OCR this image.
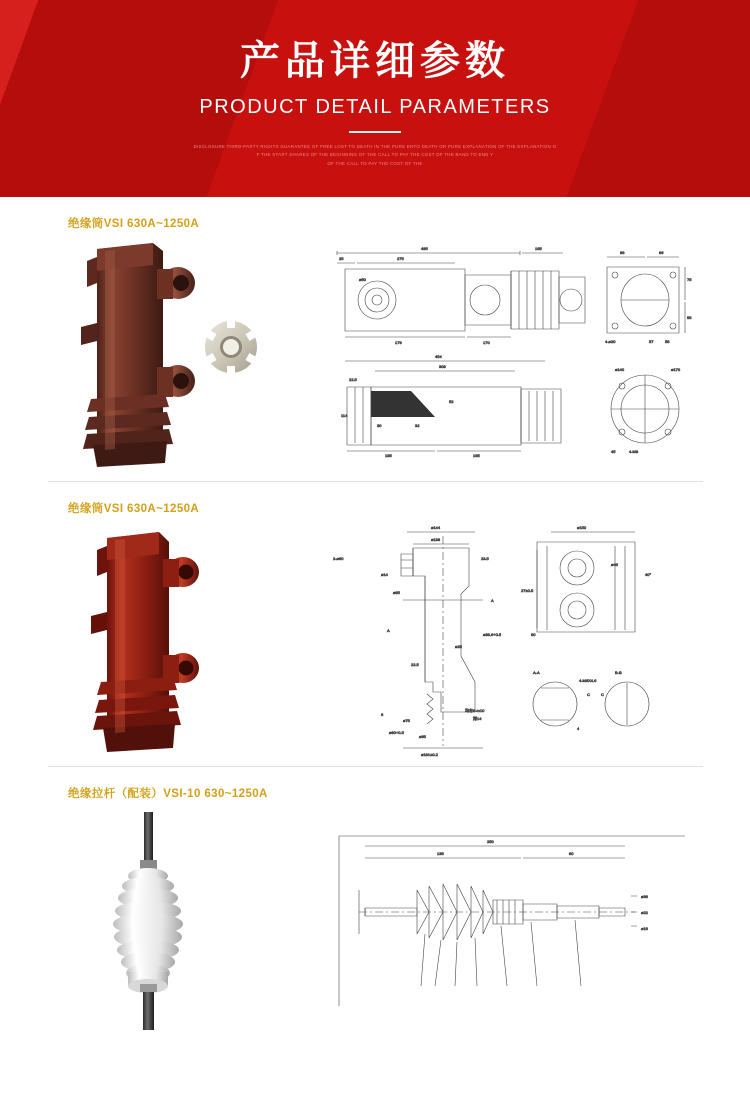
产品详细参数
PRODUCT DETAIL PARAMETERS
DISCLOSURE THIRD-PARTY RIGHTS GUARANTEE OF FREE LOST TO DEATH IN THE PURE ENTO DEATH OR PURE EXPLANATION OF THE EXPLANATION O
F THE START SHARES OF THE BEGINNING OF THE CALL TO PAY THE COST OF THE BAND TO END Y
OF THE CALL TO PAY THE COST OF THE
绝缘筒VSI 630A~1250A
495	165
25	275
ø50
179	170
98	86
75
58
4-ø20	57	58
454
308
22.5
114
30	32
52
185	165
ø140	ø170
4-M8
45
绝缘筒VSI 630A~1250A
ø144
ø138
2-ø60	23.5
ø14
ø85
A
A
ø38.6+0.5
ø25
22.5
均布6-m10
深14
ø75
ø90+0.5
ø95
ø181±0.2
6
ø150
ø46
40°
27±0.5
60
A-A
4-M6X4.6
C	C
B-B
4
绝缘拉杆（配装）VSI-10 630~1250A
250
135	80
ø36
ø22
ø16
